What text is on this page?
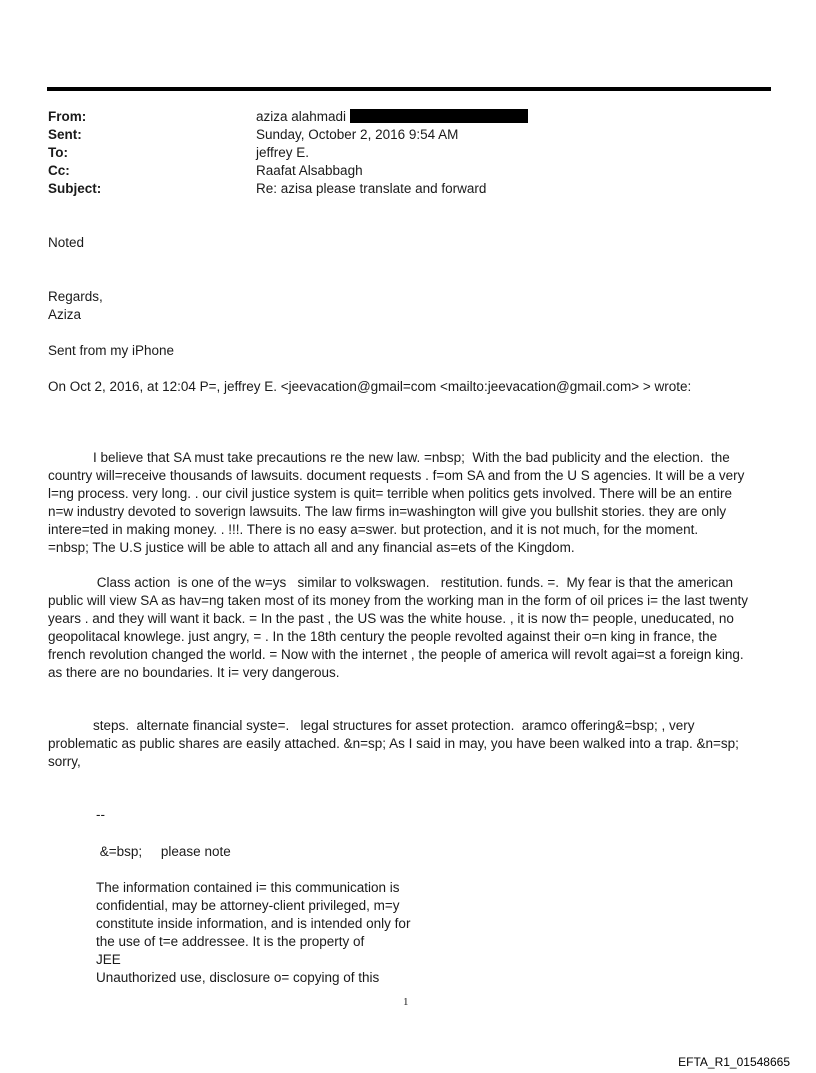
From:	aziza alahmadi
Sent:	Sunday, October 2, 2016 9:54 AM
To:	jeffrey E.
Cc:	Raafat Alsabbagh
Subject:	Re: azisa please translate and forward
Noted
Regards,
Aziza
Sent from my iPhone
On Oct 2, 2016, at 12:04 P=, jeffrey E. <jeevacation@gmail=com <mailto:jeevacation@gmail.com> > wrote:
I believe that SA must take precautions re the new law. =nbsp;  With the bad publicity and the election.  the
country will=receive thousands of lawsuits. document requests . f=om SA and from the U S agencies. It will be a very
l=ng process. very long. . our civil justice system is quit= terrible when politics gets involved. There will be an entire
n=w industry devoted to soverign lawsuits. The law firms in=washington will give you bullshit stories. they are only
intere=ted in making money. . !!!. There is no easy a=swer. but protection, and it is not much, for the moment.
=nbsp; The U.S justice will be able to attach all and any financial as=ets of the Kingdom.
Class action  is one of the w=ys   similar to volkswagen.   restitution. funds. =.  My fear is that the american
public will view SA as hav=ng taken most of its money from the working man in the form of oil prices i= the last twenty
years . and they will want it back. = In the past , the US was the white house. , it is now th= people, uneducated, no
geopolitacal knowlege. just angry, = . In the 18th century the people revolted against their o=n king in france, the
french revolution changed the world. = Now with the internet , the people of america will revolt agai=st a foreign king.
as there are no boundaries. It i= very dangerous.
steps.  alternate financial syste=.   legal structures for asset protection.  aramco offering&=bsp; , very
problematic as public shares are easily attached. &n=sp; As I said in may, you have been walked into a trap. &n=sp;
sorry,
--
&=bsp;     please note
The information contained i= this communication is
confidential, may be attorney-client privileged, m=y
constitute inside information, and is intended only for
the use of t=e addressee. It is the property of
JEE
Unauthorized use, disclosure o= copying of this
1
EFTA_R1_01548665
